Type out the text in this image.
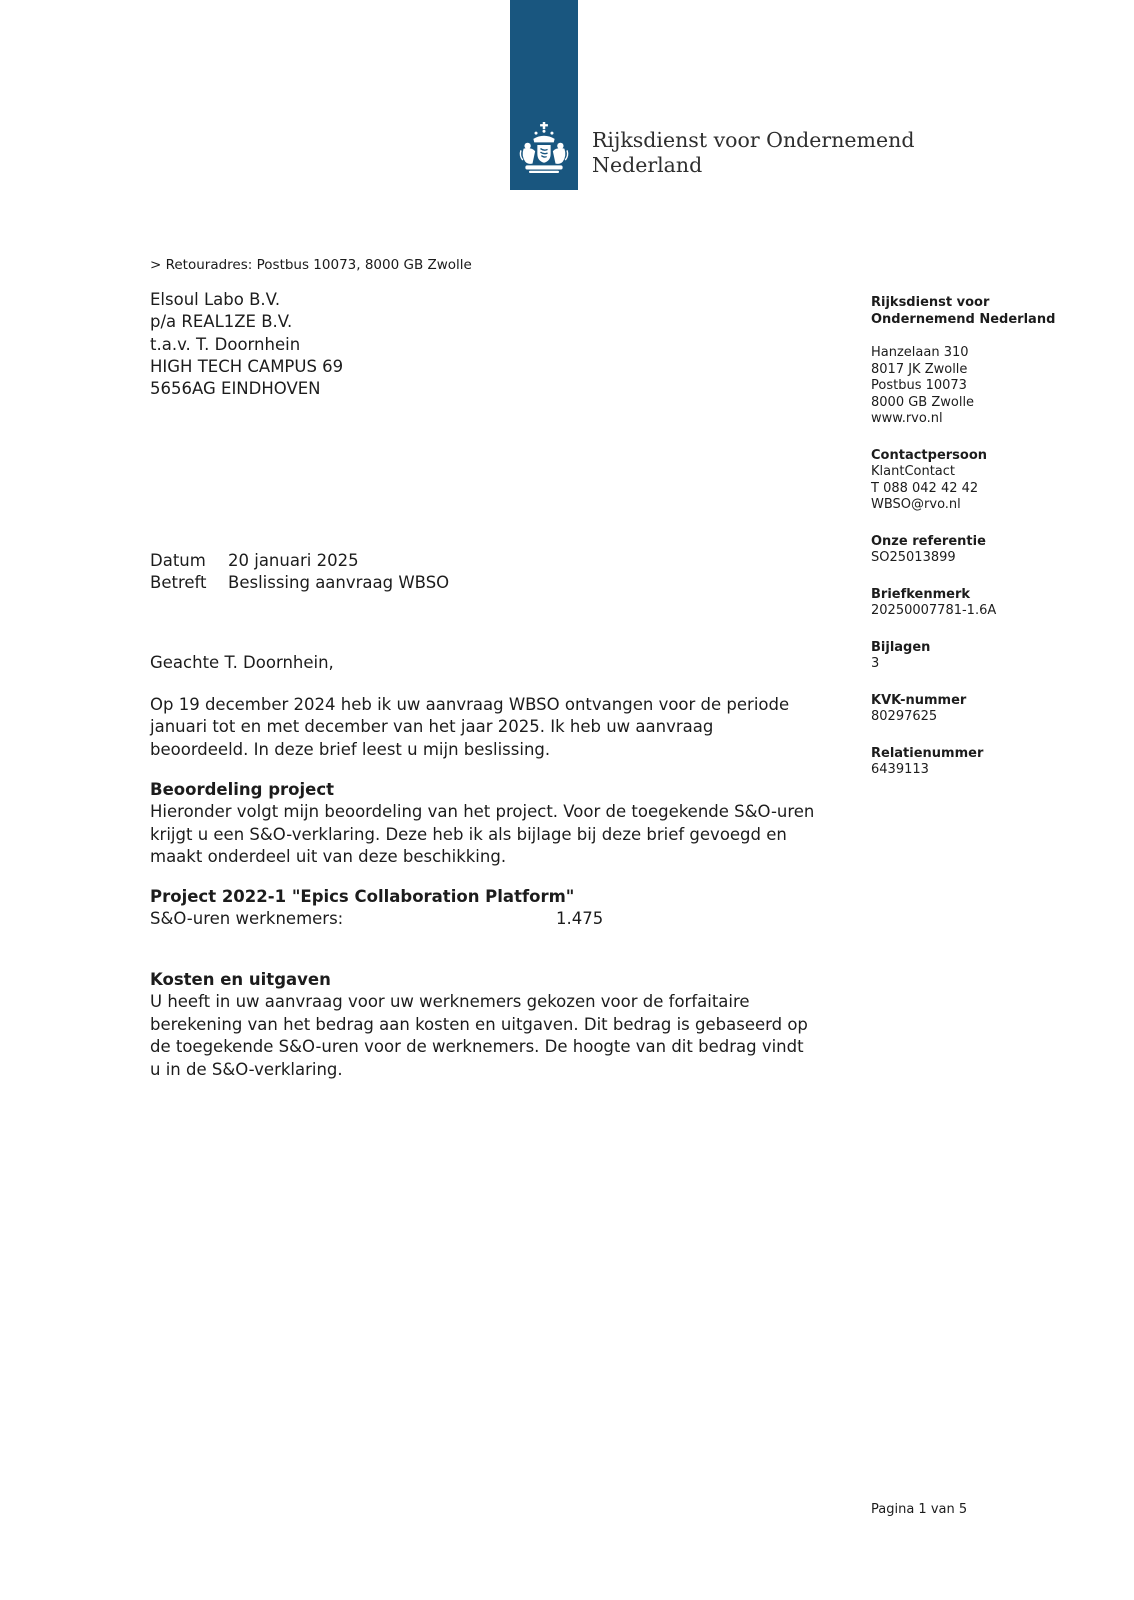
Rijksdienst voor Ondernemend
Nederland
> Retouradres: Postbus 10073, 8000 GB Zwolle
Elsoul Labo B.V.
p/a REAL1ZE B.V.
t.a.v. T. Doornhein
HIGH TECH CAMPUS 69
5656AG EINDHOVEN
Datum	20 januari 2025
Betreft	Beslissing aanvraag WBSO
Geachte T. Doornhein,
Op 19 december 2024 heb ik uw aanvraag WBSO ontvangen voor de periode januari tot en met december van het jaar 2025. Ik heb uw aanvraag beoordeeld. In deze brief leest u mijn beslissing.
Beoordeling project
Hieronder volgt mijn beoordeling van het project. Voor de toegekende S&O-uren krijgt u een S&O-verklaring. Deze heb ik als bijlage bij deze brief gevoegd en maakt onderdeel uit van deze beschikking.
Project 2022-1 "Epics Collaboration Platform"
S&O-uren werknemers:	1.475
Kosten en uitgaven
U heeft in uw aanvraag voor uw werknemers gekozen voor de forfaitaire berekening van het bedrag aan kosten en uitgaven. Dit bedrag is gebaseerd op de toegekende S&O-uren voor de werknemers. De hoogte van dit bedrag vindt u in de S&O-verklaring.
Rijksdienst voor Ondernemend Nederland
Hanzelaan 310
8017 JK Zwolle
Postbus 10073
8000 GB Zwolle
www.rvo.nl
Contactpersoon
KlantContact
T 088 042 42 42
WBSO@rvo.nl
Onze referentie
SO25013899
Briefkenmerk
20250007781-1.6A
Bijlagen
3
KVK-nummer
80297625
Relatienummer
6439113
Pagina 1 van 5
